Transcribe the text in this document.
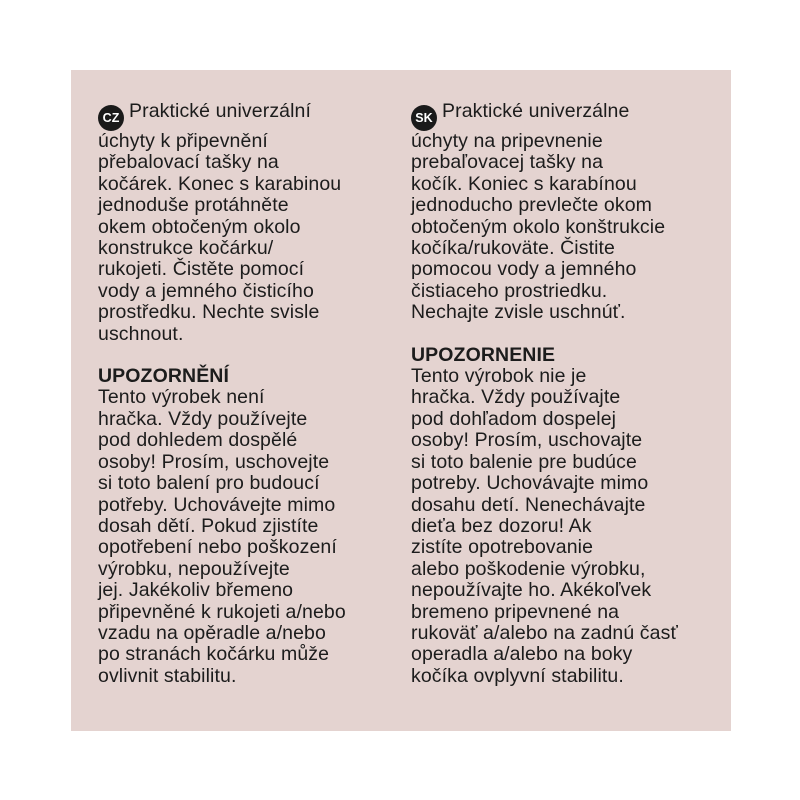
CZ Praktické univerzální
úchyty k připevnění
přebalovací tašky na
kočárek. Konec s karabinou
jednoduše protáhněte
okem obtočeným okolo
konstrukce kočárku/
rukojeti. Čistěte pomocí
vody a jemného čisticího
prostředku. Nechte svisle
uschnout.
UPOZORNĚNÍ
Tento výrobek není
hračka. Vždy používejte
pod dohledem dospělé
osoby! Prosím, uschovejte
si toto balení pro budoucí
potřeby. Uchovávejte mimo
dosah dětí. Pokud zjistíte
opotřebení nebo poškození
výrobku, nepoužívejte
jej. Jakékoliv břemeno
připevněné k rukojeti a/nebo
vzadu na opěradle a/nebo
po stranách kočárku může
ovlivnit stabilitu.
SK Praktické univerzálne
úchyty na pripevnenie
prebaľovacej tašky na
kočík. Koniec s karabínou
jednoducho prevlečte okom
obtočeným okolo konštrukcie
kočíka/rukoväte. Čistite
pomocou vody a jemného
čistiaceho prostriedku.
Nechajte zvisle uschnúť.
UPOZORNENIE
Tento výrobok nie je
hračka. Vždy používajte
pod dohľadom dospelej
osoby! Prosím, uschovajte
si toto balenie pre budúce
potreby. Uchovávajte mimo
dosahu detí. Nenechávajte
dieťa bez dozoru! Ak
zistíte opotrebovanie
alebo poškodenie výrobku,
nepoužívajte ho. Akékoľvek
bremeno pripevnené na
rukoväť a/alebo na zadnú časť
operadla a/alebo na boky
kočíka ovplyvní stabilitu.
